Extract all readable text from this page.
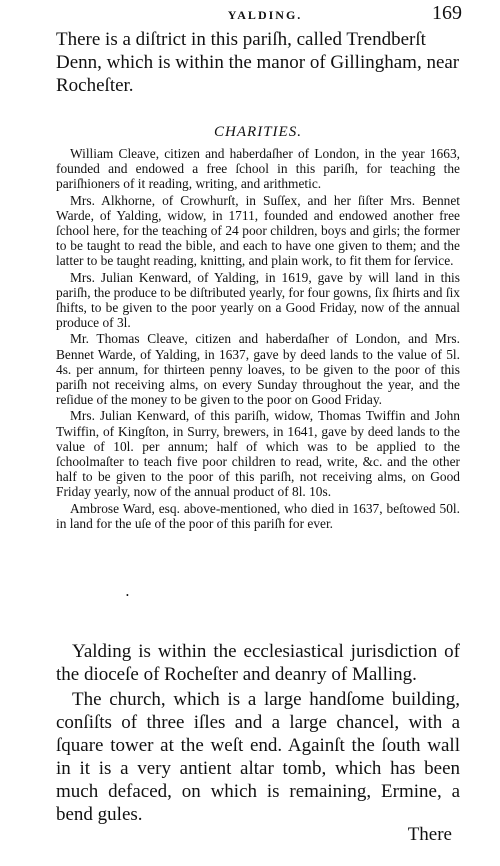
YALDING.	169
There is a diſtrict in this pariſh, called Trendberſt Denn, which is within the manor of Gillingham, near Rocheſter.
CHARITIES.

William Cleave, citizen and haberdaſher of London, in the year 1663, founded and endowed a free ſchool in this pariſh, for teaching the pariſhioners of it reading, writing, and arithmetic.

Mrs. Alkhorne, of Crowhurſt, in Suſſex, and her ſiſter Mrs. Bennet Warde, of Yalding, widow, in 1711, founded and endowed another free ſchool here, for the teaching of 24 poor children, boys and girls; the former to be taught to read the bible, and each to have one given to them; and the latter to be taught reading, knitting, and plain work, to fit them for ſervice.

Mrs. Julian Kenward, of Yalding, in 1619, gave by will land in this pariſh, the produce to be diſtributed yearly, for four gowns, ſix ſhirts and ſix ſhifts, to be given to the poor yearly on a Good Friday, now of the annual produce of 3l.

Mr. Thomas Cleave, citizen and haberdaſher of London, and Mrs. Bennet Warde, of Yalding, in 1637, gave by deed lands to the value of 5l. 4s. per annum, for thirteen penny loaves, to be given to the poor of this pariſh not receiving alms, on every Sunday throughout the year, and the reſidue of the money to be given to the poor on Good Friday.

Mrs. Julian Kenward, of this pariſh, widow, Thomas Twiffin and John Twiffin, of Kingſton, in Surry, brewers, in 1641, gave by deed lands to the value of 10l. per annum; half of which was to be applied to the ſchoolmaſter to teach five poor children to read, write, &c. and the other half to be given to the poor of this pariſh, not receiving alms, on Good Friday yearly, now of the annual product of 8l. 10s.

Ambrose Ward, esq. above-mentioned, who died in 1637, beſtowed 50l. in land for the uſe of the poor of this pariſh for ever.

•

Yalding is within the ecclesiastical jurisdiction of the dioceſe of Rocheſter and deanry of Malling.

The church, which is a large handſome building, conſiſts of three iſles and a large chancel, with a ſquare tower at the weſt end. Againſt the ſouth wall in it is a very antient altar tomb, which has been much defaced, on which is remaining, Ermine, a bend gules.

There
